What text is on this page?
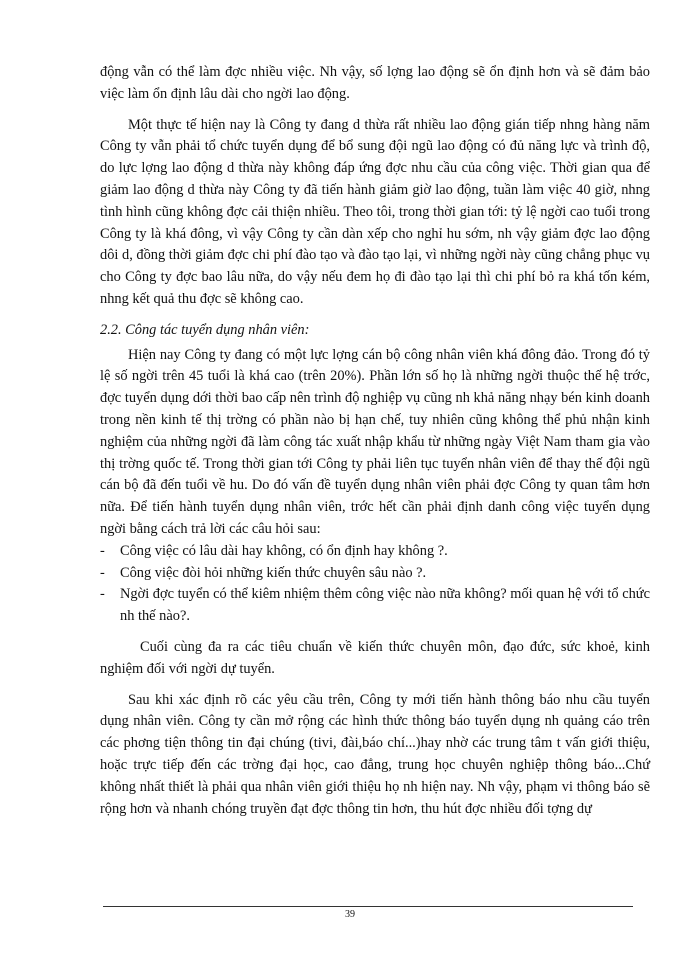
động vẫn có thể làm đợc nhiều việc. Nh vậy, số lợng lao động sẽ ổn định hơn và sẽ đảm bảo việc làm ổn định lâu dài cho ngời lao động.

Một thực tế hiện nay là Công ty đang d thừa rất nhiều lao động gián tiếp nhng hàng năm Công ty vẫn phải tổ chức tuyển dụng để bổ sung đội ngũ lao động có đủ năng lực và trình độ, do lực lợng lao động d thừa này không đáp ứng đợc nhu cầu của công việc. Thời gian qua để giảm lao động d thừa này Công ty đã tiến hành giảm giờ lao động, tuần làm việc 40 giờ, nhng tình hình cũng không đợc cải thiện nhiều. Theo tôi, trong thời gian tới: tỷ lệ ngời cao tuổi trong Công ty là khá đông, vì vậy Công ty cần dàn xếp cho nghỉ hu sớm, nh vậy giảm đợc lao động dôi d, đồng thời giảm đợc chi phí đào tạo và đào tạo lại, vì những ngời này cũng chẳng phục vụ cho Công ty đợc bao lâu nữa, do vậy nếu đem họ đi đào tạo lại thì chi phí bỏ ra khá tốn kém, nhng kết quả thu đợc sẽ không cao.

2.2. Công tác tuyển dụng nhân viên:

Hiện nay Công ty đang có một lực lợng cán bộ công nhân viên khá đông đảo. Trong đó tỷ lệ số ngời trên 45 tuổi là khá cao (trên 20%). Phần lớn số họ là những ngời thuộc thế hệ trớc, đợc tuyển dụng dới thời bao cấp nên trình độ nghiệp vụ cũng nh khả năng nhạy bén kinh doanh trong nền kinh tế thị trờng có phần nào bị hạn chế, tuy nhiên cũng không thể phủ nhận kinh nghiệm của những ngời đã làm công tác xuất nhập khẩu từ những ngày Việt Nam tham gia vào thị trờng quốc tế. Trong thời gian tới Công ty phải liên tục tuyển nhân viên để thay thế đội ngũ cán bộ đã đến tuổi về hu. Do đó vấn đề tuyển dụng nhân viên phải đợc Công ty quan tâm hơn nữa. Để tiến hành tuyển dụng nhân viên, trớc hết cần phải định danh công việc tuyển dụng ngời bằng cách trả lời các câu hỏi sau:

- Công việc có lâu dài hay không, có ổn định hay không ?.
- Công việc đòi hỏi những kiến thức chuyên sâu nào ?.
- Ngời đợc tuyển có thể kiêm nhiệm thêm công việc nào nữa không? mối quan hệ với tổ chức nh thế nào?.

Cuối cùng đa ra các tiêu chuẩn về kiến thức chuyên môn, đạo đức, sức khoẻ, kinh nghiệm đối với ngời dự tuyển.

Sau khi xác định rõ các yêu cầu trên, Công ty mới tiến hành thông báo nhu cầu tuyển dụng nhân viên. Công ty cần mở rộng các hình thức thông báo tuyển dụng nh quảng cáo trên các phơng tiện thông tin đại chúng (tivi, đài,báo chí...)hay nhờ các trung tâm t vấn giới thiệu, hoặc trực tiếp đến các trờng đại học, cao đẳng, trung học chuyên nghiệp thông báo...Chứ không nhất thiết là phải qua nhân viên giới thiệu họ nh hiện nay. Nh vậy, phạm vi thông báo sẽ rộng hơn và nhanh chóng truyền đạt đợc thông tin hơn, thu hút đợc nhiều đối tợng dự

39
